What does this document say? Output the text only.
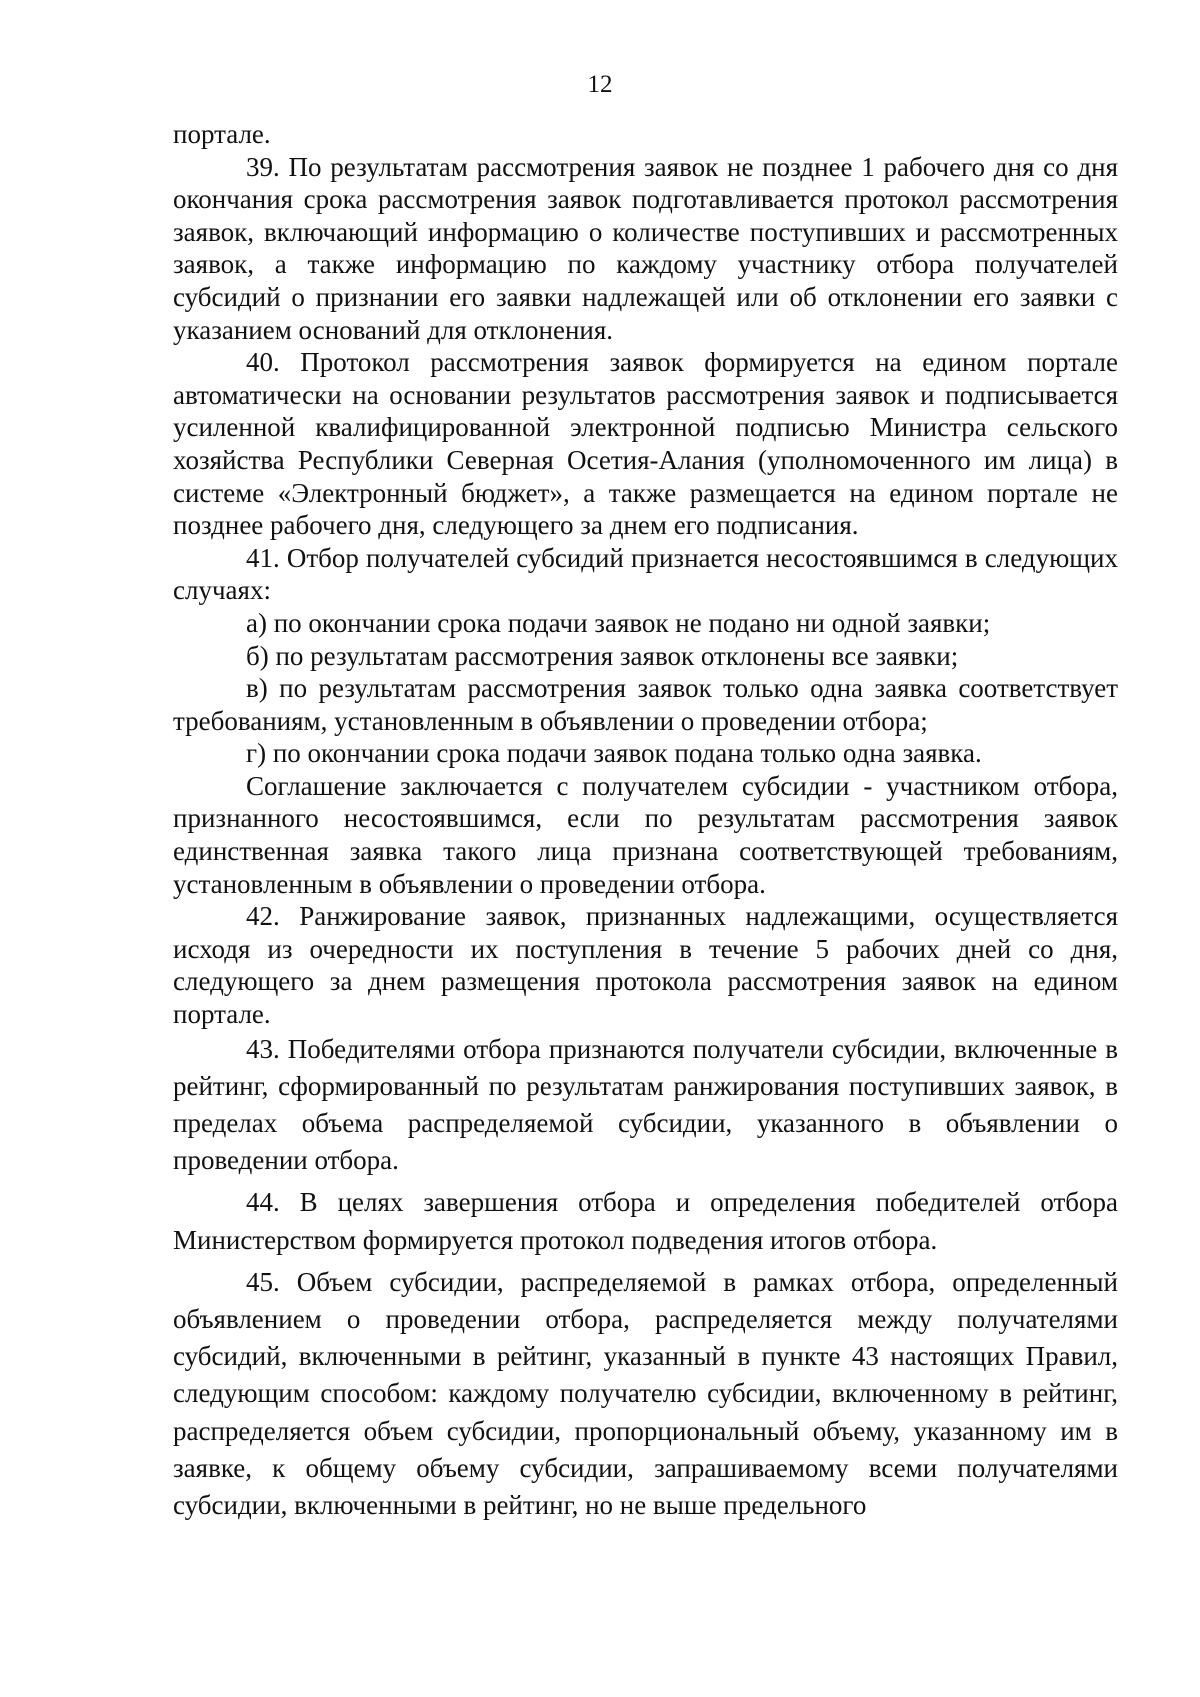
12

портале.

39. По результатам рассмотрения заявок не позднее 1 рабочего дня со дня окончания срока рассмотрения заявок подготавливается протокол рассмотрения заявок, включающий информацию о количестве поступивших и рассмотренных заявок, а также информацию по каждому участнику отбора получателей субсидий о признании его заявки надлежащей или об отклонении его заявки с указанием оснований для отклонения.

40. Протокол рассмотрения заявок формируется на едином портале автоматически на основании результатов рассмотрения заявок и подписывается усиленной квалифицированной электронной подписью Министра сельского хозяйства Республики Северная Осетия-Алания (уполномоченного им лица) в системе «Электронный бюджет», а также размещается на едином портале не позднее рабочего дня, следующего за днем его подписания.

41. Отбор получателей субсидий признается несостоявшимся в следующих случаях:

а) по окончании срока подачи заявок не подано ни одной заявки;

б) по результатам рассмотрения заявок отклонены все заявки;

в) по результатам рассмотрения заявок только одна заявка соответствует требованиям, установленным в объявлении о проведении отбора;

г) по окончании срока подачи заявок подана только одна заявка.

Соглашение заключается с получателем субсидии - участником отбора, признанного несостоявшимся, если по результатам рассмотрения заявок единственная заявка такого лица признана соответствующей требованиям, установленным в объявлении о проведении отбора.

42. Ранжирование заявок, признанных надлежащими, осуществляется исходя из очередности их поступления в течение 5 рабочих дней со дня, следующего за днем размещения протокола рассмотрения заявок на едином портале.

43. Победителями отбора признаются получатели субсидии, включенные в рейтинг, сформированный по результатам ранжирования поступивших заявок, в пределах объема распределяемой субсидии, указанного в объявлении о проведении отбора.

44. В целях завершения отбора и определения победителей отбора Министерством формируется протокол подведения итогов отбора.

45. Объем субсидии, распределяемой в рамках отбора, определенный объявлением о проведении отбора, распределяется между получателями субсидий, включенными в рейтинг, указанный в пункте 43 настоящих Правил, следующим способом: каждому получателю субсидии, включенному в рейтинг, распределяется объем субсидии, пропорциональный объему, указанному им в заявке, к общему объему субсидии, запрашиваемому всеми получателями субсидии, включенными в рейтинг, но не выше предельного
